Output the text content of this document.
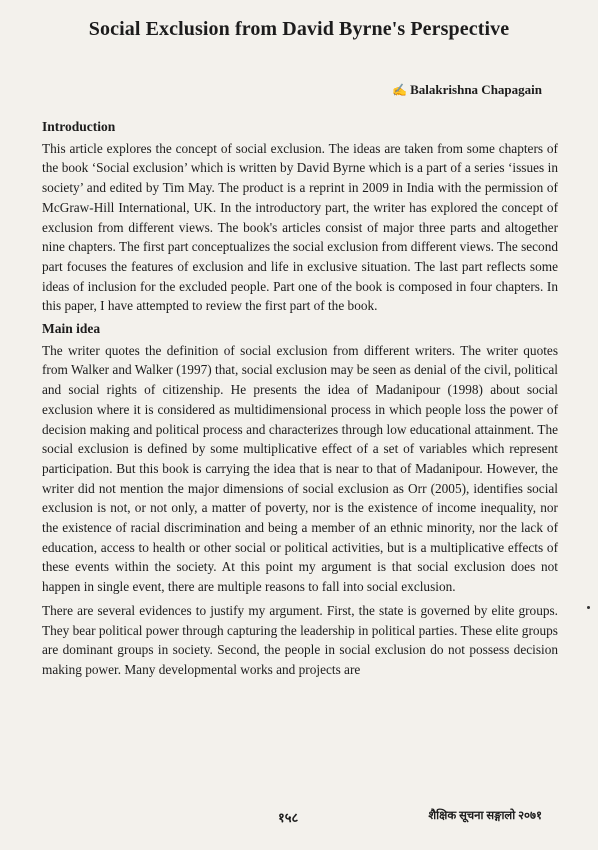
Social Exclusion from David Byrne's Perspective
✍ Balakrishna Chapagain
Introduction

This article explores the concept of social exclusion. The ideas are taken from some chapters of the book ‘Social exclusion’ which is written by David Byrne which is a part of a series ‘issues in society’ and edited by Tim May. The product is a reprint in 2009 in India with the permission of McGraw-Hill International, UK. In the introductory part, the writer has explored the concept of exclusion from different views. The book's articles consist of major three parts and altogether nine chapters. The first part conceptualizes the social exclusion from different views. The second part focuses the features of exclusion and life in exclusive situation. The last part reflects some ideas of inclusion for the excluded people. Part one of the book is composed in four chapters. In this paper, I have attempted to review the first part of the book.

Main idea

The writer quotes the definition of social exclusion from different writers. The writer quotes from Walker and Walker (1997) that, social exclusion may be seen as denial of the civil, political and social rights of citizenship. He presents the idea of Madanipour (1998) about social exclusion where it is considered as multidimensional process in which people loss the power of decision making and political process and characterizes through low educational attainment. The social exclusion is defined by some multiplicative effect of a set of variables which represent participation. But this book is carrying the idea that is near to that of Madanipour. However, the writer did not mention the major dimensions of social exclusion as Orr (2005), identifies social exclusion is not, or not only, a matter of poverty, nor is the existence of income inequality, nor the existence of racial discrimination and being a member of an ethnic minority, nor the lack of education, access to health or other social or political activities, but is a multiplicative effects of these events within the society. At this point my argument is that social exclusion does not happen in single event, there are multiple reasons to fall into social exclusion.

There are several evidences to justify my argument. First, the state is governed by elite groups. They bear political power through capturing the leadership in political parties. These elite groups are dominant groups in society. Second, the people in social exclusion do not possess decision making power. Many developmental works and projects are

१५८	शैक्षिक सूचना सङ्गालो २०७१
